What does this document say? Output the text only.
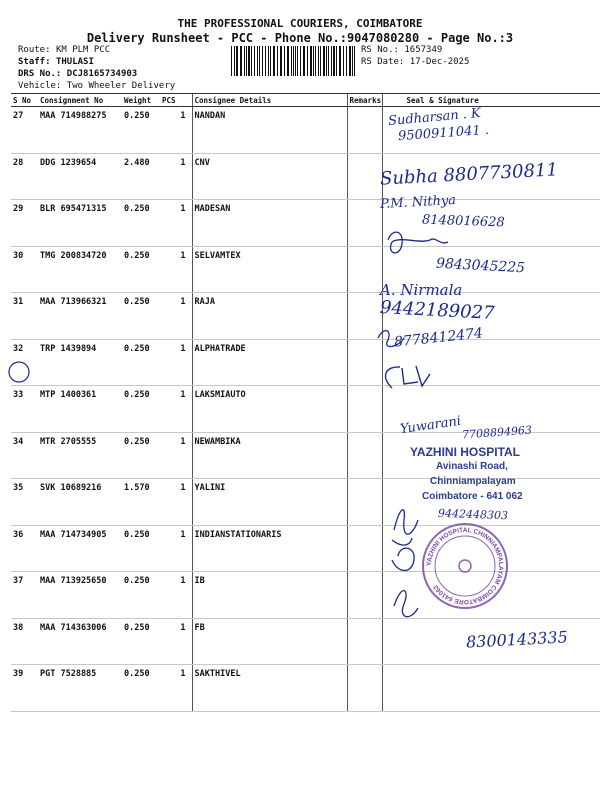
THE PROFESSIONAL COURIERS, COIMBATORE
Delivery Runsheet - PCC - Phone No.:9047080280 - Page No.:3
Route: KM PLM PCC
Staff: THULASI
DRS No.: DCJ8165734903
Vehicle: Two Wheeler Delivery
RS No.: 1657349
RS Date: 17-Dec-2025
S No	Consignment No	Weight	PCS	Consignee Details	Remarks	Seal & Signature
27	MAA 714988275	0.250	1	NANDAN		
28	DDG 1239654	2.480	1	CNV		
29	BLR 695471315	0.250	1	MADESAN		
30	TMG 200834720	0.250	1	SELVAMTEX		
31	MAA 713966321	0.250	1	RAJA		
32	TRP 1439894	0.250	1	ALPHATRADE		
33	MTP 1400361	0.250	1	LAKSMIAUTO		
34	MTR 2705555	0.250	1	NEWAMBIKA		
35	SVK 10689216	1.570	1	YALINI		
36	MAA 714734905	0.250	1	INDIANSTATIONARIS		
37	MAA 713925650	0.250	1	IB		
38	MAA 714363006	0.250	1	FB		
39	PGT 7528885	0.250	1	SAKTHIVEL		
YAZHINI HOSPITAL CHINNIAMPALAYAM COIMBATORE 641062
Sudharsan . K
9500911041 .
Subha 8807730811
P.M. Nithya
8148016628
9843045225
A. Nirmala
9442189027
8778412474
Yuwarani 7708894963
9442448303
8300143335
YAZHINI HOSPITAL
Avinashi Road,
Chinniampalayam
Coimbatore - 641 062
